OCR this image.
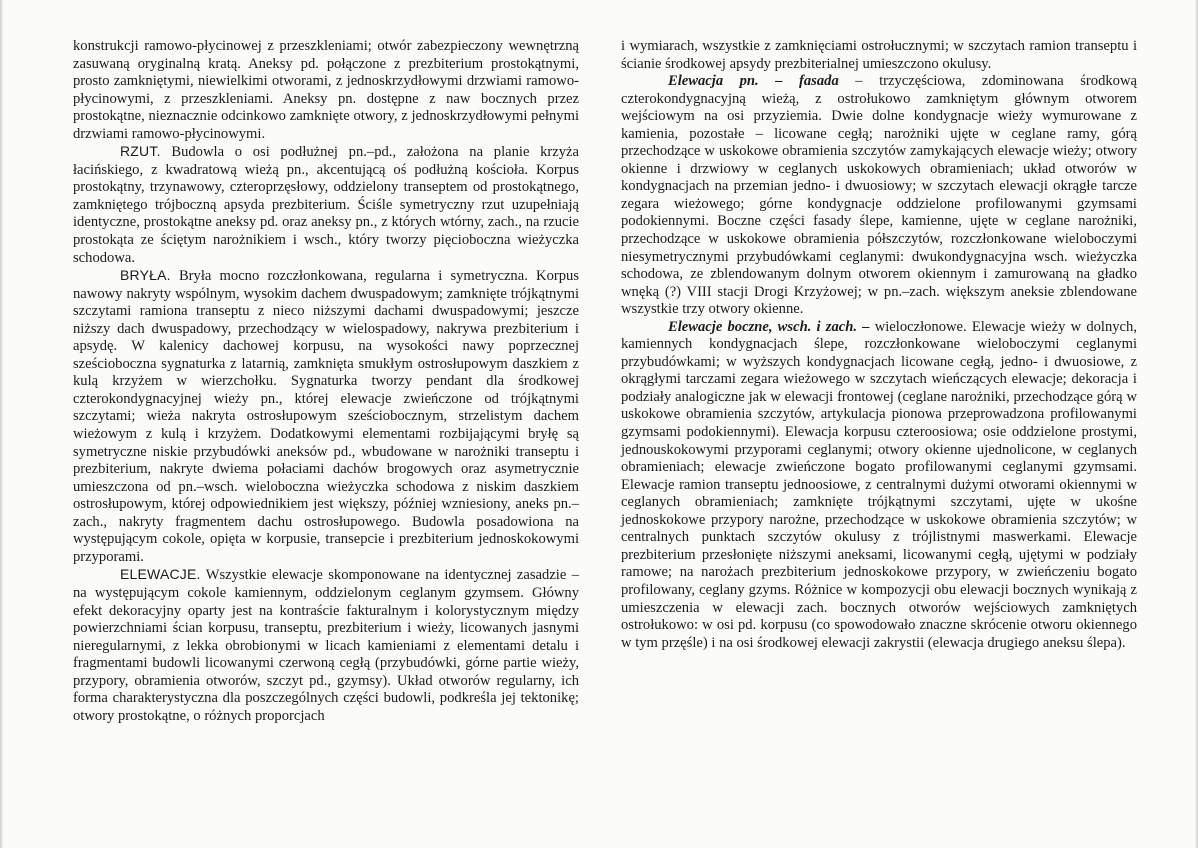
konstrukcji ramowo-płycinowej z przeszkleniami; otwór zabezpieczony wewnętrzną zasuwaną oryginalną kratą. Aneksy pd. połączone z prezbiterium prostokątnymi, prosto zamkniętymi, niewielkimi otworami, z jednoskrzydłowymi drzwiami ramowo-płycinowymi, z przeszkleniami. Aneksy pn. dostępne z naw bocznych przez prostokątne, nieznacznie odcinkowo zamknięte otwory, z jednoskrzydłowymi pełnymi drzwiami ramowo-płycinowymi.

RZUT. Budowla o osi podłużnej pn.–pd., założona na planie krzyża łacińskiego, z kwadratową wieżą pn., akcentującą oś podłużną kościoła. Korpus prostokątny, trzynawowy, czteroprzęsłowy, oddzielony transeptem od prostokątnego, zamkniętego trójboczną apsyda prezbiterium. Ściśle symetryczny rzut uzupełniają identyczne, prostokątne aneksy pd. oraz aneksy pn., z których wtórny, zach., na rzucie prostokąta ze ściętym narożnikiem i wsch., który tworzy pięcioboczna wieżyczka schodowa.

BRYŁA. Bryła mocno rozczłonkowana, regularna i symetryczna. Korpus nawowy nakryty wspólnym, wysokim dachem dwuspadowym; zamknięte trójkątnymi szczytami ramiona transeptu z nieco niższymi dachami dwuspadowymi; jeszcze niższy dach dwuspadowy, przechodzący w wielospadowy, nakrywa prezbiterium i apsydę. W kalenicy dachowej korpusu, na wysokości nawy poprzecznej sześcioboczna sygnaturka z latarnią, zamknięta smukłym ostrosłupowym daszkiem z kulą krzyżem w wierzchołku. Sygnaturka tworzy pendant dla środkowej czterokondygnacyjnej wieży pn., której elewacje zwieńczone od trójkątnymi szczytami; wieża nakryta ostrosłupowym sześciobocznym, strzelistym dachem wieżowym z kulą i krzyżem. Dodatkowymi elementami rozbijającymi bryłę są symetryczne niskie przybudówki aneksów pd., wbudowane w narożniki transeptu i prezbiterium, nakryte dwiema połaciami dachów brogowych oraz asymetrycznie umieszczona od pn.–wsch. wieloboczna wieżyczka schodowa z niskim daszkiem ostrosłupowym, której odpowiednikiem jest większy, później wzniesiony, aneks pn.–zach., nakryty fragmentem dachu ostrosłupowego. Budowla posadowiona na występującym cokole, opięta w korpusie, transepcie i prezbiterium jednoskokowymi przyporami.

ELEWACJE. Wszystkie elewacje skomponowane na identycznej zasadzie – na występującym cokole kamiennym, oddzielonym ceglanym gzymsem. Główny efekt dekoracyjny oparty jest na kontraście fakturalnym i kolorystycznym między powierzchniami ścian korpusu, transeptu, prezbiterium i wieży, licowanych jasnymi nieregularnymi, z lekka obrobionymi w licach kamieniami z elementami detalu i fragmentami budowli licowanymi czerwoną cegłą (przybudówki, górne partie wieży, przypory, obramienia otworów, szczyt pd., gzymsy). Układ otworów regularny, ich forma charakterystyczna dla poszczególnych części budowli, podkreśla jej tektonikę; otwory prostokątne, o różnych proporcjach

i wymiarach, wszystkie z zamknięciami ostrołucznymi; w szczytach ramion transeptu i ścianie środkowej apsydy prezbiterialnej umieszczono okulusy.

Elewacja pn. – fasada – trzyczęściowa, zdominowana środkową czterokondygnacyjną wieżą, z ostrołukowo zamkniętym głównym otworem wejściowym na osi przyziemia. Dwie dolne kondygnacje wieży wymurowane z kamienia, pozostałe – licowane cegłą; narożniki ujęte w ceglane ramy, górą przechodzące w uskokowe obramienia szczytów zamykających elewacje wieży; otwory okienne i drzwiowy w ceglanych uskokowych obramieniach; układ otworów w kondygnacjach na przemian jedno- i dwuosiowy; w szczytach elewacji okrągłe tarcze zegara wieżowego; górne kondygnacje oddzielone profilowanymi gzymsami podokiennymi. Boczne części fasady ślepe, kamienne, ujęte w ceglane narożniki, przechodzące w uskokowe obramienia półszczytów, rozczłonkowane wieloboczymi niesymetrycznymi przybudówkami ceglanymi: dwukondygnacyjna wsch. wieżyczka schodowa, ze zblendowanym dolnym otworem okiennym i zamurowaną na gładko wnęką (?) VIII stacji Drogi Krzyżowej; w pn.–zach. większym aneksie zblendowane wszystkie trzy otwory okienne.

Elewacje boczne, wsch. i zach. – wieloczłonowe. Elewacje wieży w dolnych, kamiennych kondygnacjach ślepe, rozczłonkowane wieloboczymi ceglanymi przybudówkami; w wyższych kondygnacjach licowane cegłą, jedno- i dwuosiowe, z okrągłymi tarczami zegara wieżowego w szczytach wieńczących elewacje; dekoracja i podziały analogiczne jak w elewacji frontowej (ceglane narożniki, przechodzące górą w uskokowe obramienia szczytów, artykulacja pionowa przeprowadzona profilowanymi gzymsami podokiennymi). Elewacja korpusu czteroosiowa; osie oddzielone prostymi, jednouskokowymi przyporami ceglanymi; otwory okienne ujednolicone, w ceglanych obramieniach; elewacje zwieńczone bogato profilowanymi ceglanymi gzymsami. Elewacje ramion transeptu jednoosiowe, z centralnymi dużymi otworami okiennymi w ceglanych obramieniach; zamknięte trójkątnymi szczytami, ujęte w ukośne jednoskokowe przypory narożne, przechodzące w uskokowe obramienia szczytów; w centralnych punktach szczytów okulusy z trójlistnymi maswerkami. Elewacje prezbiterium przesłonięte niższymi aneksami, licowanymi cegłą, ujętymi w podziały ramowe; na narożach prezbiterium jednoskokowe przypory, w zwieńczeniu bogato profilowany, ceglany gzyms. Różnice w kompozycji obu elewacji bocznych wynikają z umieszczenia w elewacji zach. bocznych otworów wejściowych zamkniętych ostrołukowo: w osi pd. korpusu (co spowodowało znaczne skrócenie otworu okiennego w tym przęśle) i na osi środkowej elewacji zakrystii (elewacja drugiego aneksu ślepa).
